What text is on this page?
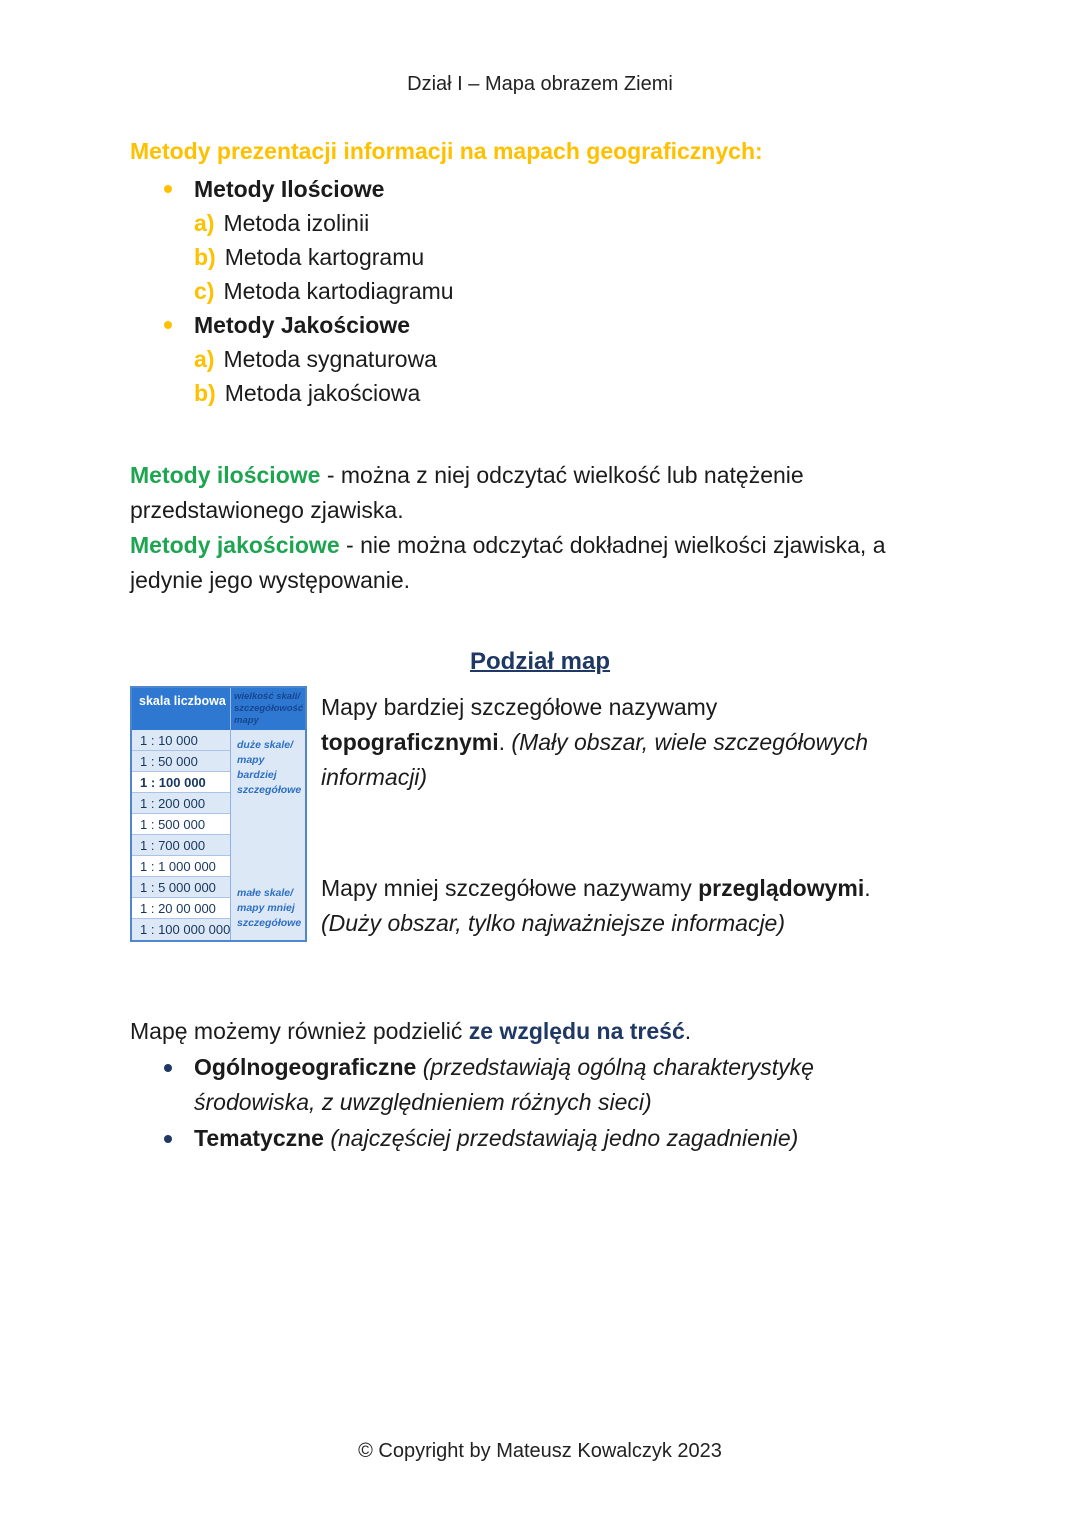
Dział I – Mapa obrazem Ziemi
Metody prezentacji informacji na mapach geograficznych:
Metody Ilościowe
a) Metoda izolinii
b) Metoda kartogramu
c) Metoda kartodiagramu
Metody Jakościowe
a) Metoda sygnaturowa
b) Metoda jakościowa
Metody ilościowe - można z niej odczytać wielkość lub natężenie przedstawionego zjawiska.
Metody jakościowe - nie można odczytać dokładnej wielkości zjawiska, a jedynie jego występowanie.
Podział map
skala liczbowa wielkość skali/ szczegółowość mapy
1 : 10 000
1 : 50 000
1 : 100 000
1 : 200 000
1 : 500 000
1 : 700 000
1 : 1 000 000
1 : 5 000 000
1 : 20 00 000
1 : 100 000 000
duże skale/ mapy bardziej szczegółowe
małe skale/ mapy mniej szczegółowe
Mapy bardziej szczegółowe nazywamy topograficznymi. (Mały obszar, wiele szczegółowych informacji)
Mapy mniej szczegółowe nazywamy przeglądowymi.
(Duży obszar, tylko najważniejsze informacje)
Mapę możemy również podzielić ze względu na treść.
Ogólnogeograficzne (przedstawiają ogólną charakterystykę środowiska, z uwzględnieniem różnych sieci)
Tematyczne (najczęściej przedstawiają jedno zagadnienie)
© Copyright by Mateusz Kowalczyk 2023
